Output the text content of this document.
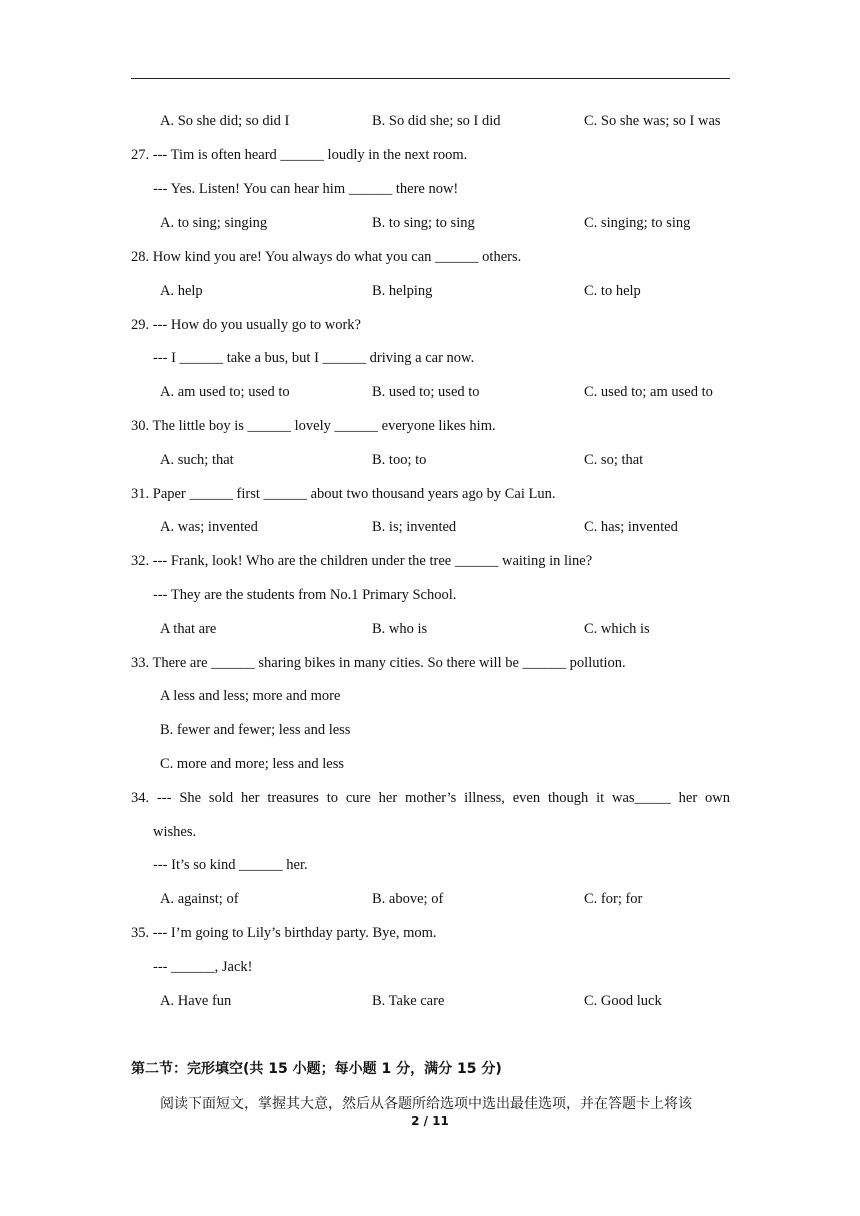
A. So she did; so did I	B. So did she; so I did	C. So she was; so I was
27. --- Tim is often heard ______ loudly in the next room.
--- Yes. Listen! You can hear him ______ there now!
A. to sing; singing	B. to sing; to sing	C. singing; to sing
28. How kind you are! You always do what you can ______ others.
A. help	B. helping	C. to help
29. --- How do you usually go to work?
--- I ______ take a bus, but I ______ driving a car now.
A. am used to; used to	B. used to; used to	C. used to; am used to
30. The little boy is ______ lovely ______ everyone likes him.
A. such; that	B. too; to	C. so; that
31. Paper ______ first ______ about two thousand years ago by Cai Lun.
A. was; invented	B. is; invented	C. has; invented
32. --- Frank, look! Who are the children under the tree ______ waiting in line?
--- They are the students from No.1 Primary School.
A that are	B. who is	C. which is
33. There are ______ sharing bikes in many cities. So there will be ______ pollution.
A less and less; more and more
B. fewer and fewer; less and less
C. more and more; less and less
34. --- She sold her treasures to cure her mother’s illness, even though it was_____ her own
wishes.
--- It’s so kind ______ her.
A. against; of	B. above; of	C. for; for
35. --- I’m going to Lily’s birthday party. Bye, mom.
--- ______, Jack!
A. Have fun	B. Take care	C. Good luck
第二节：完形填空(共 15 小题；每小题 1 分，满分 15 分)
阅读下面短文，掌握其大意，然后从各题所给选项中选出最佳选项，并在答题卡上将该
2 / 11
